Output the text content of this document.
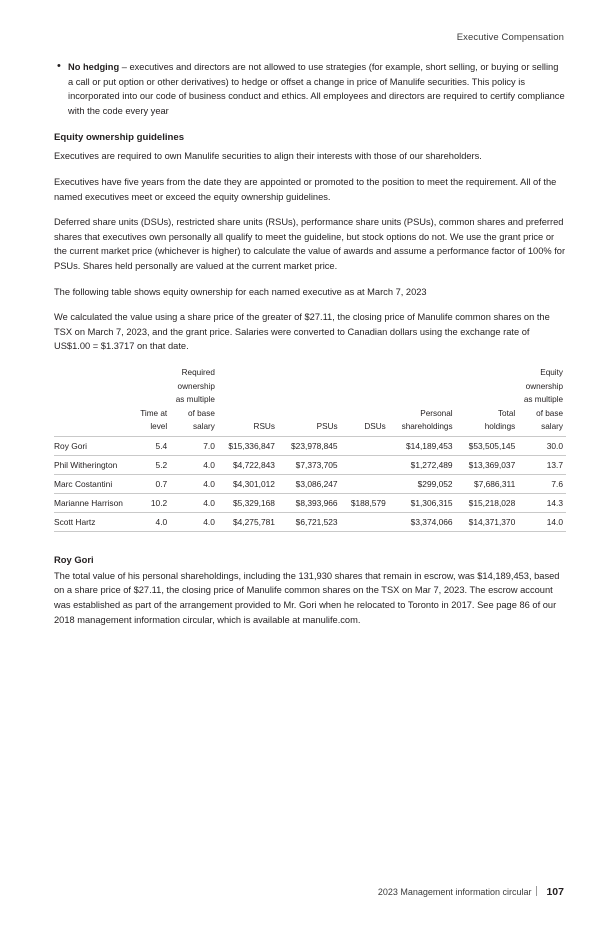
Executive Compensation
• No hedging – executives and directors are not allowed to use strategies (for example, short selling, or buying or selling a call or put option or other derivatives) to hedge or offset a change in price of Manulife securities. This policy is incorporated into our code of business conduct and ethics. All employees and directors are required to certify compliance with the code every year
Equity ownership guidelines

Executives are required to own Manulife securities to align their interests with those of our shareholders.

Executives have five years from the date they are appointed or promoted to the position to meet the requirement. All of the named executives meet or exceed the equity ownership guidelines.

Deferred share units (DSUs), restricted share units (RSUs), performance share units (PSUs), common shares and preferred shares that executives own personally all qualify to meet the guideline, but stock options do not. We use the grant price or the current market price (whichever is higher) to calculate the value of awards and assume a performance factor of 100% for PSUs. Shares held personally are valued at the current market price.

The following table shows equity ownership for each named executive as at March 7, 2023

We calculated the value using a share price of the greater of $27.11, the closing price of Manulife common shares on the TSX on March 7, 2023, and the grant price. Salaries were converted to Canadian dollars using the exchange rate of US$1.00 = $1.3717 on that date.

		Required						Equity
		ownership						ownership
		as multiple						as multiple
	Time at	of base				Personal	Total	of base
	level	salary	RSUs	PSUs	DSUs	shareholdings	holdings	salary
Roy Gori	5.4	7.0	$15,336,847	$23,978,845		$14,189,453	$53,505,145	30.0
Phil Witherington	5.2	4.0	$4,722,843	$7,373,705		$1,272,489	$13,369,037	13.7
Marc Costantini	0.7	4.0	$4,301,012	$3,086,247		$299,052	$7,686,311	7.6
Marianne Harrison	10.2	4.0	$5,329,168	$8,393,966	$188,579	$1,306,315	$15,218,028	14.3
Scott Hartz	4.0	4.0	$4,275,781	$6,721,523		$3,374,066	$14,371,370	14.0
Roy Gori

The total value of his personal shareholdings, including the 131,930 shares that remain in escrow, was $14,189,453, based on a share price of $27.11, the closing price of Manulife common shares on the TSX on Mar 7, 2023. The escrow account was established as part of the arrangement provided to Mr. Gori when he relocated to Toronto in 2017. See page 86 of our 2018 management information circular, which is available at manulife.com.

2023 Management information circular 107
